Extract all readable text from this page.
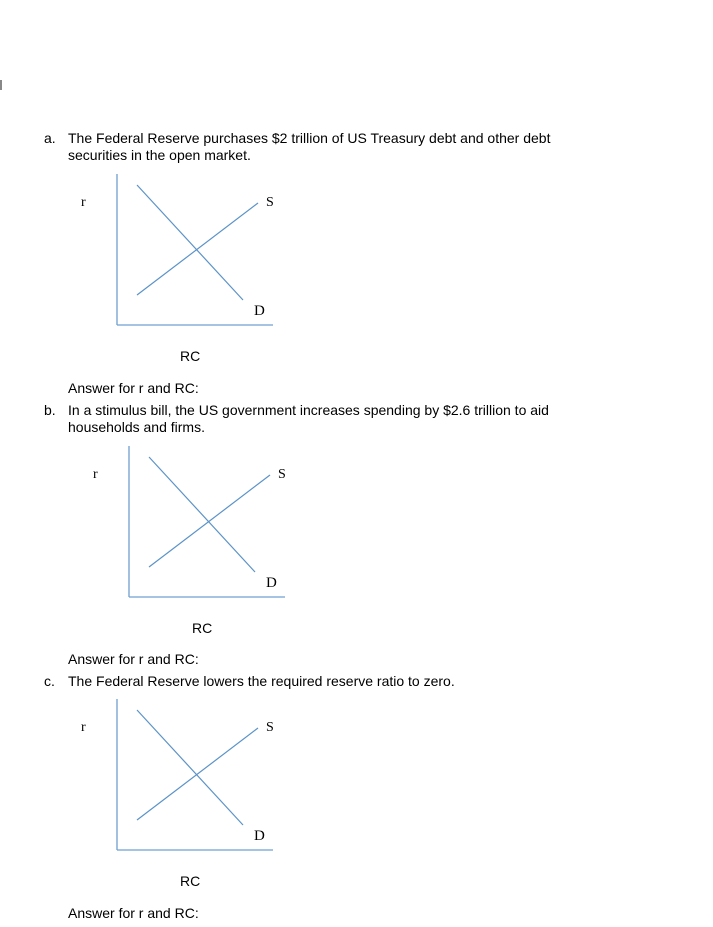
a. The Federal Reserve purchases $2 trillion of US Treasury debt and other debt securities in the open market.
r	S
D
RC
Answer for r and RC:
b. In a stimulus bill, the US government increases spending by $2.6 trillion to aid households and firms.
r	S
D
RC
Answer for r and RC:
c. The Federal Reserve lowers the required reserve ratio to zero.
r	S
D
RC
Answer for r and RC:
